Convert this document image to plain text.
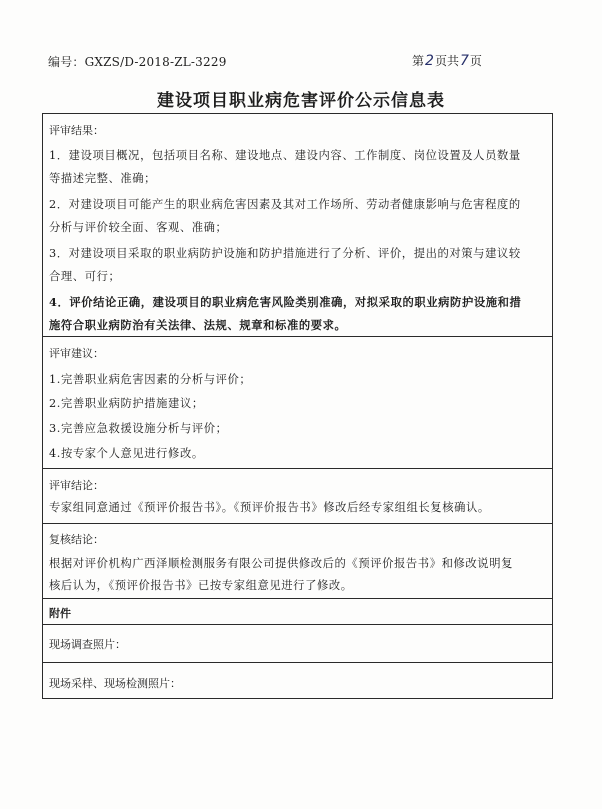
编号：GXZS/D-2018-ZL-3229	第2页共7页
建设项目职业病危害评价公示信息表
评审结果：
1．建设项目概况，包括项目名称、建设地点、建设内容、工作制度、岗位设置及人员数量
等描述完整、准确；
2．对建设项目可能产生的职业病危害因素及其对工作场所、劳动者健康影响与危害程度的
分析与评价较全面、客观、准确；
3．对建设项目采取的职业病防护设施和防护措施进行了分析、评价，提出的对策与建议较
合理、可行；
4．评价结论正确，建设项目的职业病危害风险类别准确，对拟采取的职业病防护设施和措
施符合职业病防治有关法律、法规、规章和标准的要求。
评审建议：
1.完善职业病危害因素的分析与评价；
2.完善职业病防护措施建议；
3.完善应急救援设施分析与评价；
4.按专家个人意见进行修改。
评审结论：
专家组同意通过《预评价报告书》。《预评价报告书》修改后经专家组组长复核确认。
复核结论：
根据对评价机构广西泽顺检测服务有限公司提供修改后的《预评价报告书》和修改说明复
核后认为，《预评价报告书》已按专家组意见进行了修改。
附件
现场调查照片：
现场采样、现场检测照片：
